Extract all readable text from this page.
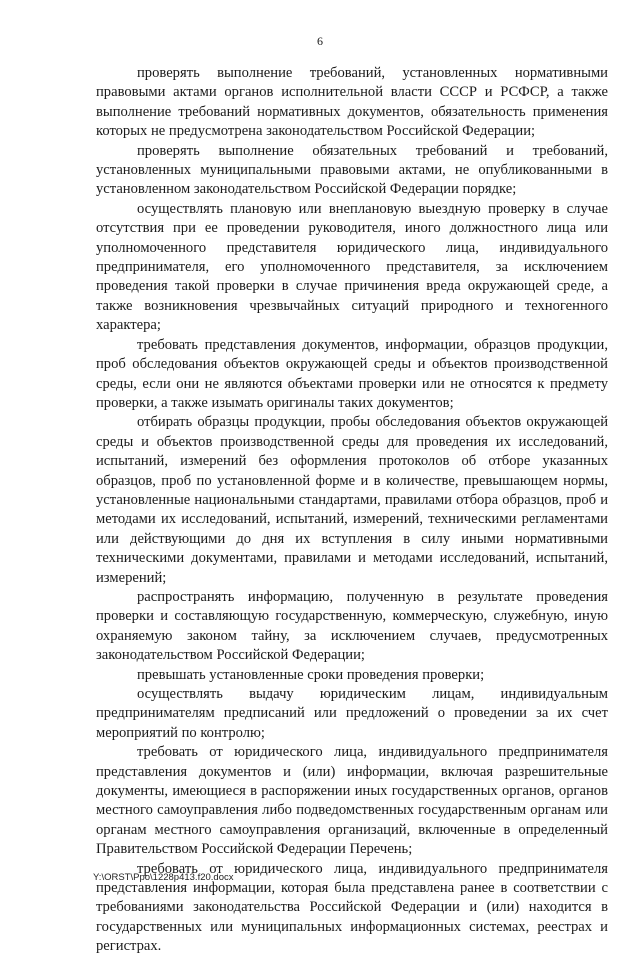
6

проверять выполнение требований, установленных нормативными правовыми актами органов исполнительной власти СССР и РСФСР, а также выполнение требований нормативных документов, обязательность применения которых не предусмотрена законодательством Российской Федерации;

проверять выполнение обязательных требований и требований, установленных муниципальными правовыми актами, не опубликованными в установленном законодательством Российской Федерации порядке;

осуществлять плановую или внеплановую выездную проверку в случае отсутствия при ее проведении руководителя, иного должностного лица или уполномоченного представителя юридического лица, индивидуального предпринимателя, его уполномоченного представителя, за исключением проведения такой проверки в случае причинения вреда окружающей среде, а также возникновения чрезвычайных ситуаций природного и техногенного характера;

требовать представления документов, информации, образцов продукции, проб обследования объектов окружающей среды и объектов производственной среды, если они не являются объектами проверки или не относятся к предмету проверки, а также изымать оригиналы таких документов;

отбирать образцы продукции, пробы обследования объектов окружающей среды и объектов производственной среды для проведения их исследований, испытаний, измерений без оформления протоколов об отборе указанных образцов, проб по установленной форме и в количестве, превышающем нормы, установленные национальными стандартами, правилами отбора образцов, проб и методами их исследований, испытаний, измерений, техническими регламентами или действующими до дня их вступления в силу иными нормативными техническими документами, правилами и методами исследований, испытаний, измерений;

распространять информацию, полученную в результате проведения проверки и составляющую государственную, коммерческую, служебную, иную охраняемую законом тайну, за исключением случаев, предусмотренных законодательством Российской Федерации;

превышать установленные сроки проведения проверки;

осуществлять выдачу юридическим лицам, индивидуальным предпринимателям предписаний или предложений о проведении за их счет мероприятий по контролю;

требовать от юридического лица, индивидуального предпринимателя представления документов и (или) информации, включая разрешительные документы, имеющиеся в распоряжении иных государственных органов, органов местного самоуправления либо подведомственных государственным органам или органам местного самоуправления организаций, включенные в определенный Правительством Российской Федерации Перечень;

требовать от юридического лица, индивидуального предпринимателя представления информации, которая была представлена ранее в соответствии с требованиями законодательства Российской Федерации и (или) находится в государственных или муниципальных информационных системах, реестрах и регистрах.

Y:\ORST\Ppo\1228p413.f20.docx
